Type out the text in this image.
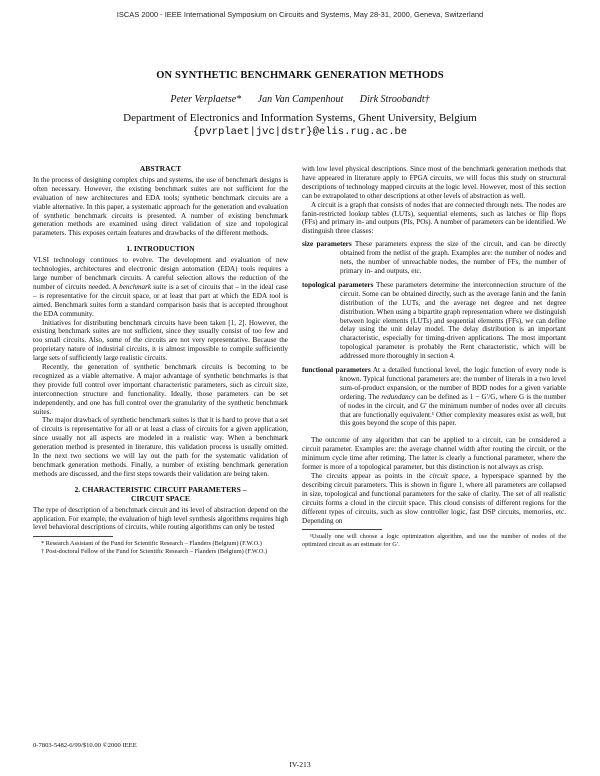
ISCAS 2000 - IEEE International Symposium on Circuits and Systems, May 28-31, 2000, Geneva, Switzerland
ON SYNTHETIC BENCHMARK GENERATION METHODS
Peter Verplaetse* Jan Van Campenhout Dirk Stroobandt†
Department of Electronics and Information Systems, Ghent University, Belgium
{pvrplaet|jvc|dstr}@elis.rug.ac.be
ABSTRACT

In the process of designing complex chips and systems, the use of benchmark designs is often necessary. However, the existing benchmark suites are not sufficient for the evaluation of new architectures and EDA tools; synthetic benchmark circuits are a viable alternative. In this paper, a systematic approach for the generation and evaluation of synthetic benchmark circuits is presented. A number of existing benchmark generation methods are examined using direct validation of size and topological parameters. This exposes certain features and drawbacks of the different methods.

1. INTRODUCTION

VLSI technology continues to evolve. The development and evaluation of new technologies, architectures and electronic design automation (EDA) tools requires a large number of benchmark circuits. A careful selection allows the reduction of the number of circuits needed. A benchmark suite is a set of circuits that – in the ideal case – is representative for the circuit space, or at least that part at which the EDA tool is aimed. Benchmark suites form a standard comparison basis that is accepted throughout the EDA community.

Initiatives for distributing benchmark circuits have been taken [1, 2]. However, the existing benchmark suites are not sufficient, since they usually consist of too few and too small circuits. Also, some of the circuits are not very representative. Because the proprietary nature of industrial circuits, it is almost impossible to compile sufficiently large sets of sufficiently large realistic circuits.

Recently, the generation of synthetic benchmark circuits is becoming to be recognized as a viable alternative. A major advantage of synthetic benchmarks is that they provide full control over important characteristic parameters, such as circuit size, interconnection structure and functionality. Ideally, those parameters can be set independently, and one has full control over the granularity of the synthetic benchmark suites.

The major drawback of synthetic benchmark suites is that it is hard to prove that a set of circuits is representative for all or at least a class of circuits for a given application, since usually not all aspects are modeled in a realistic way. When a benchmark generation method is presented in literature, this validation process is usually omitted. In the next two sections we will lay out the path for the systematic validation of benchmark generation methods. Finally, a number of existing benchmark generation methods are discussed, and the first steps towards their validation are being taken.

2. CHARACTERISTIC CIRCUIT PARAMETERS –
CIRCUIT SPACE

The type of description of a benchmark circuit and its level of abstraction depend on the application. For example, the evaluation of high level synthesis algorithms requires high level behavioral descriptions of circuits, while routing algorithms can only be tested

* Research Assistant of the Fund for Scientific Research – Flanders (Belgium) (F.W.O.)

† Post-doctoral Fellow of the Fund for Scientific Research – Flanders (Belgium) (F.W.O.)

with low level physical descriptions. Since most of the benchmark generation methods that have appeared in literature apply to FPGA circuits, we will focus this study on structural descriptions of technology mapped circuits at the logic level. However, most of this section can be extrapolated to other descriptions at other levels of abstraction as well.

A circuit is a graph that consists of nodes that are connected through nets. The nodes are fanin-restricted lookup tables (LUTs), sequential elements, such as latches or flip flops (FFs) and primary in- and outputs (PIs, POs). A number of parameters can be identified. We distinguish three classes:

size parameters These parameters express the size of the circuit, and can be directly obtained from the netlist of the graph. Examples are: the number of nodes and nets, the number of unreachable nodes, the number of FFs, the number of primary in- and outputs, etc.

topological parameters These parameters determine the interconnection structure of the circuit. Some can be obtained directly, such as the average fanin and the fanin distribution of the LUTs, and the average net degree and net degree distribution. When using a bipartite graph representation where we distinguish between logic elements (LUTs) and sequential elements (FFs), we can define delay using the unit delay model. The delay distribution is an important characteristic, especially for timing-driven applications. The most important topological parameter is probably the Rent characteristic, which will be addressed more thoroughly in section 4.

functional parameters At a detailed functional level, the logic function of every node is known. Typical functional parameters are: the number of literals in a two level sum-of-product expansion, or the number of BDD nodes for a given variable ordering. The redundancy can be defined as 1 − G′/G, where G is the number of nodes in the circuit, and G′ the minimum number of nodes over all circuits that are functionally equivalent.¹ Other complexity measures exist as well, but this goes beyond the scope of this paper.

The outcome of any algorithm that can be applied to a circuit, can be considered a circuit parameter. Examples are: the average channel width after routing the circuit, or the minimum cycle time after retiming. The latter is clearly a functional parameter, where the former is more of a topological parameter, but this distinction is not always as crisp.

The circuits appear as points in the circuit space, a hyperspace spanned by the describing circuit parameters. This is shown in figure 1, where all parameters are collapsed in size, topological and functional parameters for the sake of clarity. The set of all realistic circuits forms a cloud in the circuit space. This cloud consists of different regions for the different types of circuits, such as slow controller logic, fast DSP circuits, memories, etc. Depending on

¹Usually one will choose a logic optimization algorithm, and use the number of nodes of the optimized circuit as an estimate for G′.

0-7803-5482-6/99/$10.00 ©2000 IEEE
IV-213
